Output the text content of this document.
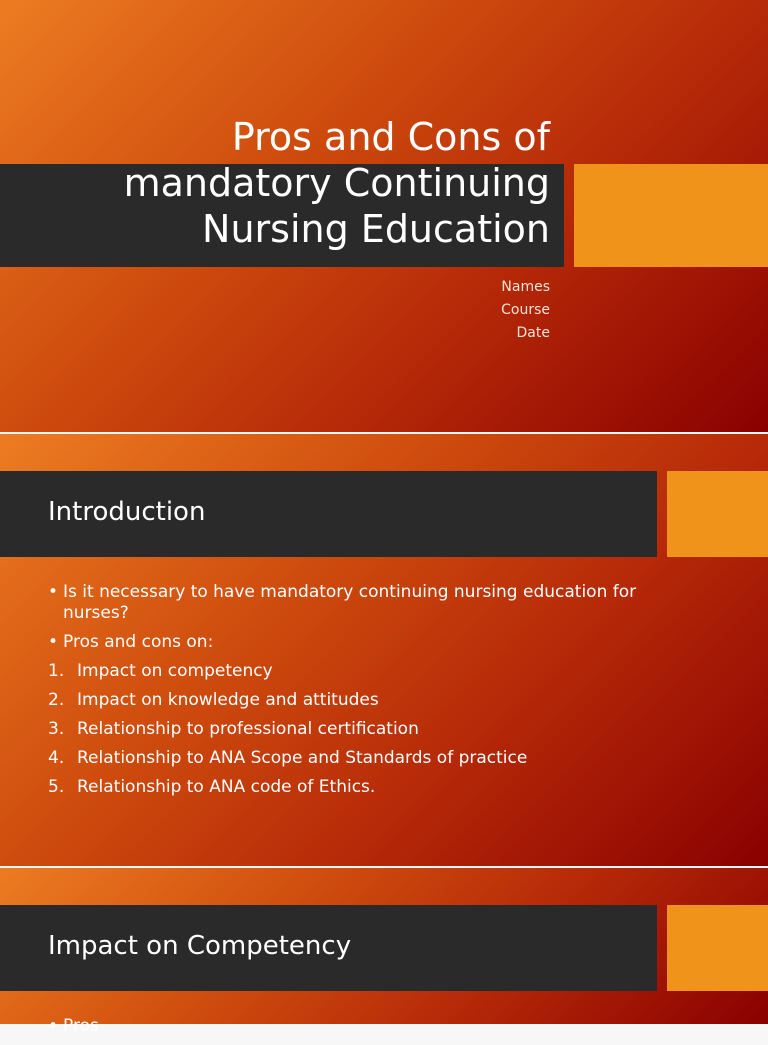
Pros and Cons of
mandatory Continuing
Nursing Education
Names
Course
Date
Introduction
• Is it necessary to have mandatory continuing nursing education for nurses?
• Pros and cons on:
1. Impact on competency
2. Impact on knowledge and attitudes
3. Relationship to professional certification
4. Relationship to ANA Scope and Standards of practice
5. Relationship to ANA code of Ethics.
Impact on Competency
• Pros
